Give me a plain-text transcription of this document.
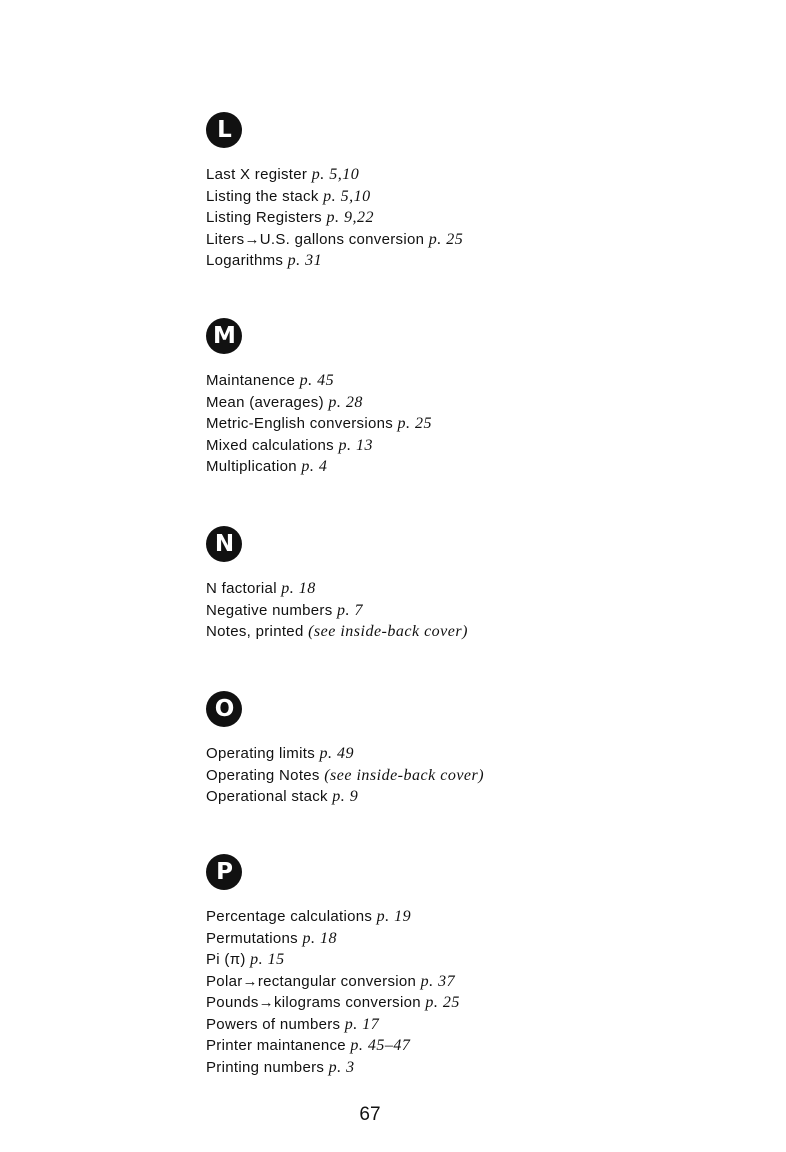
L
Last X register p. 5,10
Listing the stack p. 5,10
Listing Registers p. 9,22
Liters→U.S. gallons conversion p. 25
Logarithms p. 31
M
Maintanence p. 45
Mean (averages) p. 28
Metric-English conversions p. 25
Mixed calculations p. 13
Multiplication p. 4
N
N factorial p. 18
Negative numbers p. 7
Notes, printed (see inside-back cover)
O
Operating limits p. 49
Operating Notes (see inside-back cover)
Operational stack p. 9
P
Percentage calculations p. 19
Permutations p. 18
Pi (π) p. 15
Polar→rectangular conversion p. 37
Pounds→kilograms conversion p. 25
Powers of numbers p. 17
Printer maintanence p. 45–47
Printing numbers p. 3
67
